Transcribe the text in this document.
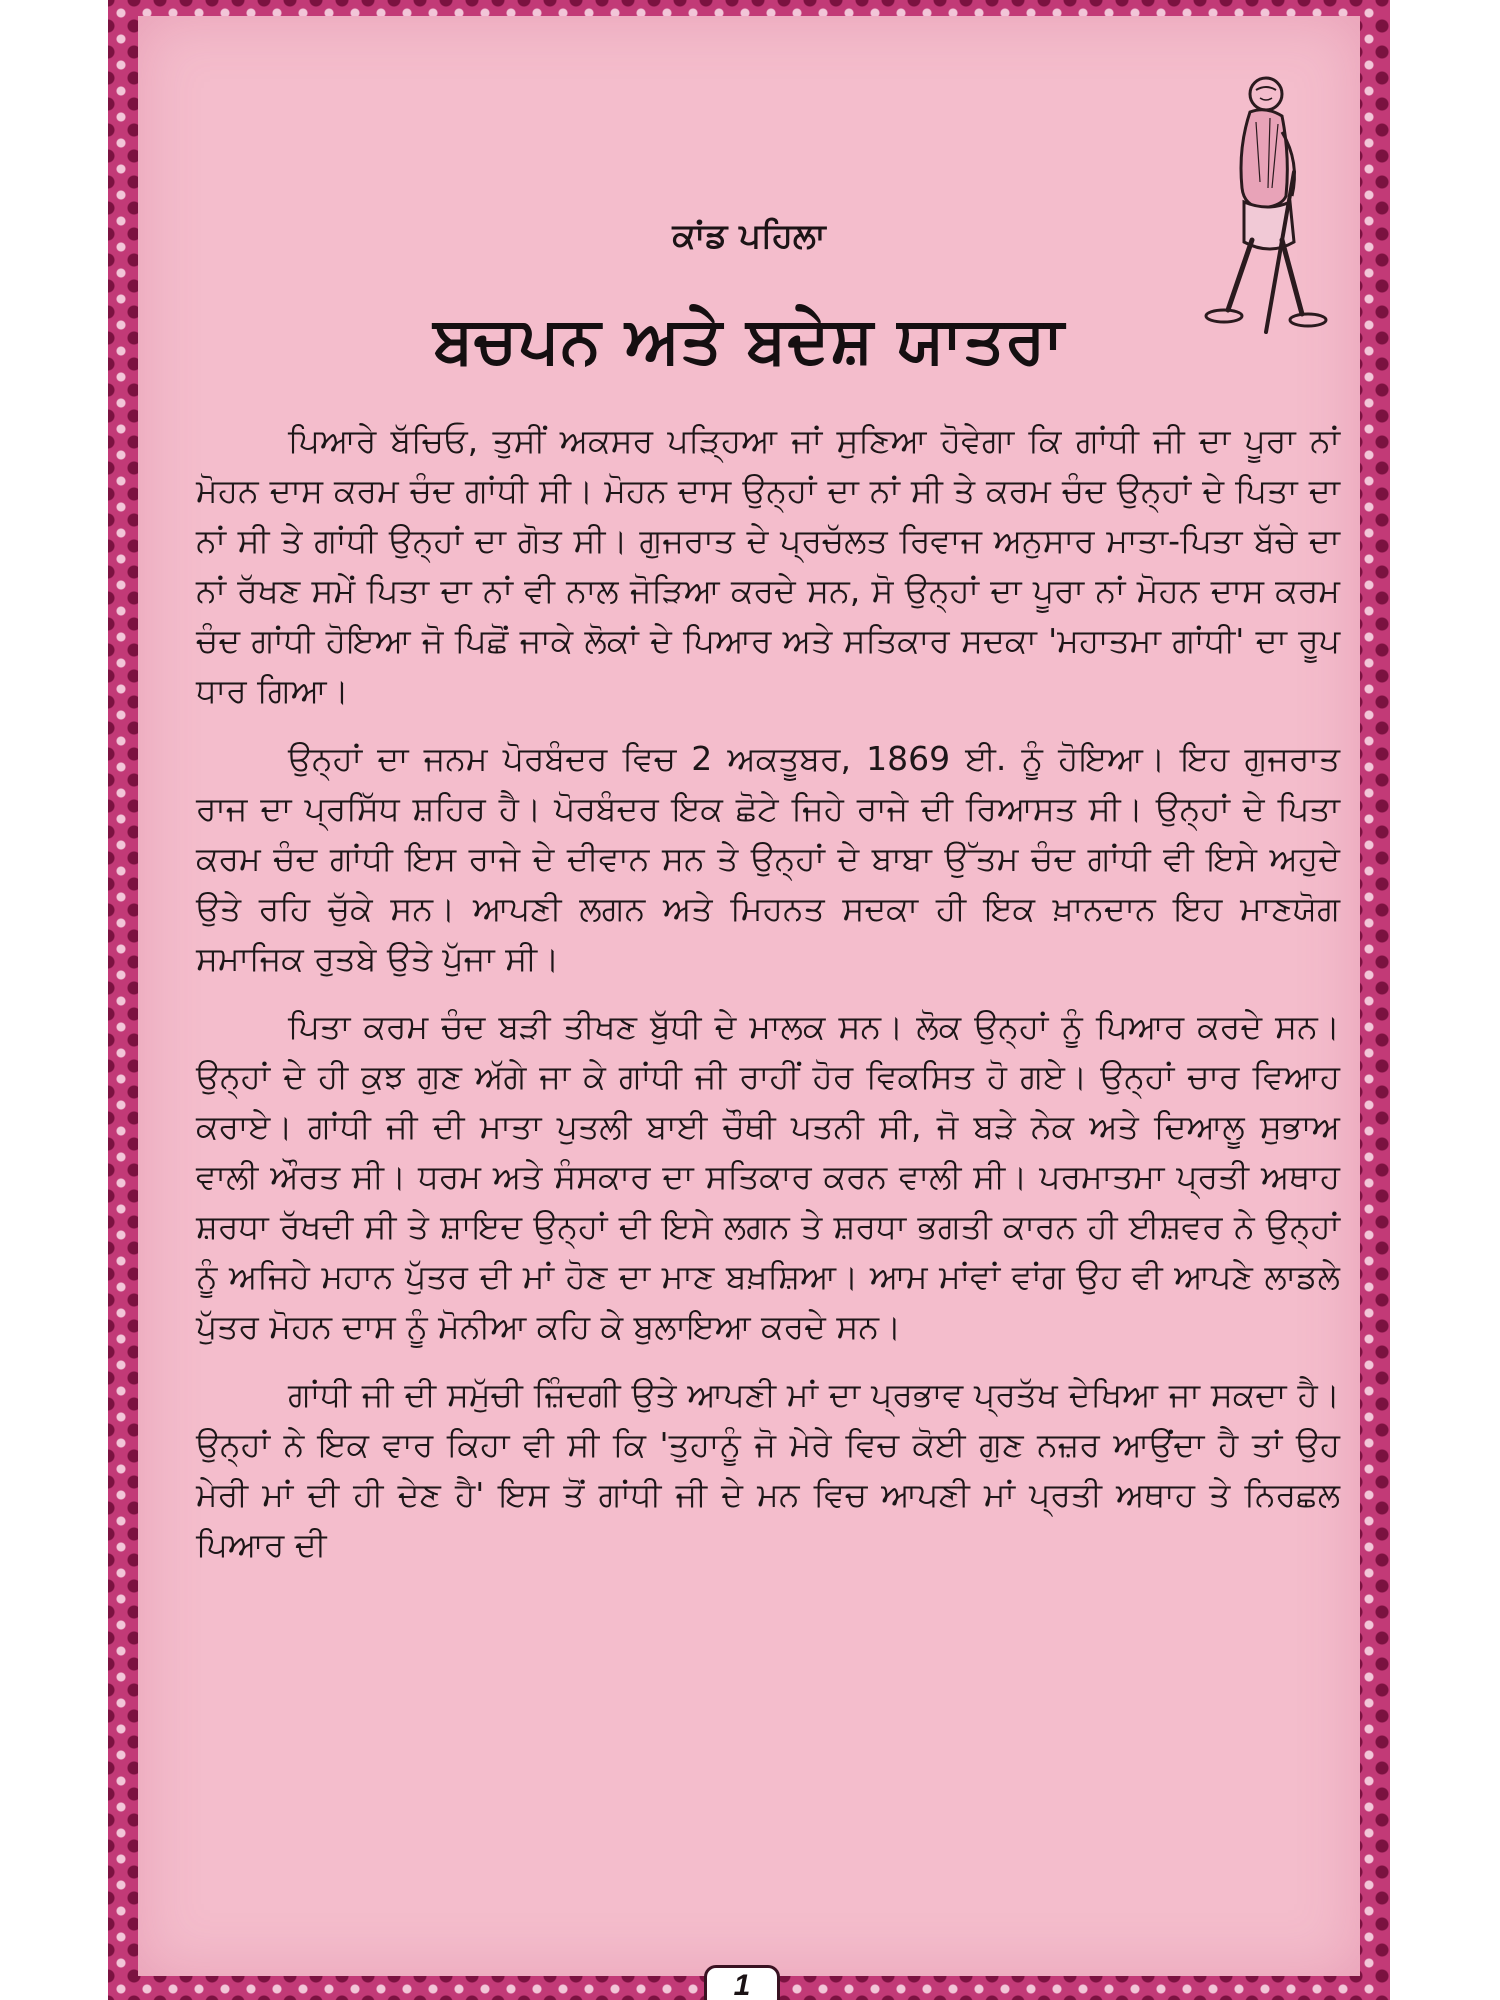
ਕਾਂਡ ਪਹਿਲਾ
ਬਚਪਨ ਅਤੇ ਬਦੇਸ਼ ਯਾਤਰਾ

ਪਿਆਰੇ ਬੱਚਿਓ, ਤੁਸੀਂ ਅਕਸਰ ਪੜ੍ਹਿਆ ਜਾਂ ਸੁਣਿਆ ਹੋਵੇਗਾ ਕਿ ਗਾਂਧੀ ਜੀ ਦਾ ਪੂਰਾ ਨਾਂ ਮੋਹਨ ਦਾਸ ਕਰਮ ਚੰਦ ਗਾਂਧੀ ਸੀ। ਮੋਹਨ ਦਾਸ ਉਨ੍ਹਾਂ ਦਾ ਨਾਂ ਸੀ ਤੇ ਕਰਮ ਚੰਦ ਉਨ੍ਹਾਂ ਦੇ ਪਿਤਾ ਦਾ ਨਾਂ ਸੀ ਤੇ ਗਾਂਧੀ ਉਨ੍ਹਾਂ ਦਾ ਗੋਤ ਸੀ। ਗੁਜਰਾਤ ਦੇ ਪ੍ਰਚੱਲਤ ਰਿਵਾਜ ਅਨੁਸਾਰ ਮਾਤਾ-ਪਿਤਾ ਬੱਚੇ ਦਾ ਨਾਂ ਰੱਖਣ ਸਮੇਂ ਪਿਤਾ ਦਾ ਨਾਂ ਵੀ ਨਾਲ ਜੋੜਿਆ ਕਰਦੇ ਸਨ, ਸੋ ਉਨ੍ਹਾਂ ਦਾ ਪੂਰਾ ਨਾਂ ਮੋਹਨ ਦਾਸ ਕਰਮ ਚੰਦ ਗਾਂਧੀ ਹੋਇਆ ਜੋ ਪਿਛੋਂ ਜਾਕੇ ਲੋਕਾਂ ਦੇ ਪਿਆਰ ਅਤੇ ਸਤਿਕਾਰ ਸਦਕਾ 'ਮਹਾਤਮਾ ਗਾਂਧੀ' ਦਾ ਰੂਪ ਧਾਰ ਗਿਆ।

ਉਨ੍ਹਾਂ ਦਾ ਜਨਮ ਪੋਰਬੰਦਰ ਵਿਚ 2 ਅਕਤੂਬਰ, 1869 ਈ. ਨੂੰ ਹੋਇਆ। ਇਹ ਗੁਜਰਾਤ ਰਾਜ ਦਾ ਪ੍ਰਸਿੱਧ ਸ਼ਹਿਰ ਹੈ। ਪੋਰਬੰਦਰ ਇਕ ਛੋਟੇ ਜਿਹੇ ਰਾਜੇ ਦੀ ਰਿਆਸਤ ਸੀ। ਉਨ੍ਹਾਂ ਦੇ ਪਿਤਾ ਕਰਮ ਚੰਦ ਗਾਂਧੀ ਇਸ ਰਾਜੇ ਦੇ ਦੀਵਾਨ ਸਨ ਤੇ ਉਨ੍ਹਾਂ ਦੇ ਬਾਬਾ ਉੱਤਮ ਚੰਦ ਗਾਂਧੀ ਵੀ ਇਸੇ ਅਹੁਦੇ ਉਤੇ ਰਹਿ ਚੁੱਕੇ ਸਨ। ਆਪਣੀ ਲਗਨ ਅਤੇ ਮਿਹਨਤ ਸਦਕਾ ਹੀ ਇਕ ਖ਼ਾਨਦਾਨ ਇਹ ਮਾਣਯੋਗ ਸਮਾਜਿਕ ਰੁਤਬੇ ਉਤੇ ਪੁੱਜਾ ਸੀ।

ਪਿਤਾ ਕਰਮ ਚੰਦ ਬੜੀ ਤੀਖਣ ਬੁੱਧੀ ਦੇ ਮਾਲਕ ਸਨ। ਲੋਕ ਉਨ੍ਹਾਂ ਨੂੰ ਪਿਆਰ ਕਰਦੇ ਸਨ। ਉਨ੍ਹਾਂ ਦੇ ਹੀ ਕੁਝ ਗੁਣ ਅੱਗੇ ਜਾ ਕੇ ਗਾਂਧੀ ਜੀ ਰਾਹੀਂ ਹੋਰ ਵਿਕਸਿਤ ਹੋ ਗਏ। ਉਨ੍ਹਾਂ ਚਾਰ ਵਿਆਹ ਕਰਾਏ। ਗਾਂਧੀ ਜੀ ਦੀ ਮਾਤਾ ਪੁਤਲੀ ਬਾਈ ਚੌਥੀ ਪਤਨੀ ਸੀ, ਜੋ ਬੜੇ ਨੇਕ ਅਤੇ ਦਿਆਲੂ ਸੁਭਾਅ ਵਾਲੀ ਔਰਤ ਸੀ। ਧਰਮ ਅਤੇ ਸੰਸਕਾਰ ਦਾ ਸਤਿਕਾਰ ਕਰਨ ਵਾਲੀ ਸੀ। ਪਰਮਾਤਮਾ ਪ੍ਰਤੀ ਅਥਾਹ ਸ਼ਰਧਾ ਰੱਖਦੀ ਸੀ ਤੇ ਸ਼ਾਇਦ ਉਨ੍ਹਾਂ ਦੀ ਇਸੇ ਲਗਨ ਤੇ ਸ਼ਰਧਾ ਭਗਤੀ ਕਾਰਨ ਹੀ ਈਸ਼ਵਰ ਨੇ ਉਨ੍ਹਾਂ ਨੂੰ ਅਜਿਹੇ ਮਹਾਨ ਪੁੱਤਰ ਦੀ ਮਾਂ ਹੋਣ ਦਾ ਮਾਣ ਬਖ਼ਸ਼ਿਆ। ਆਮ ਮਾਂਵਾਂ ਵਾਂਗ ਉਹ ਵੀ ਆਪਣੇ ਲਾਡਲੇ ਪੁੱਤਰ ਮੋਹਨ ਦਾਸ ਨੂੰ ਮੋਨੀਆ ਕਹਿ ਕੇ ਬੁਲਾਇਆ ਕਰਦੇ ਸਨ।

ਗਾਂਧੀ ਜੀ ਦੀ ਸਮੁੱਚੀ ਜ਼ਿੰਦਗੀ ਉਤੇ ਆਪਣੀ ਮਾਂ ਦਾ ਪ੍ਰਭਾਵ ਪ੍ਰਤੱਖ ਦੇਖਿਆ ਜਾ ਸਕਦਾ ਹੈ। ਉਨ੍ਹਾਂ ਨੇ ਇਕ ਵਾਰ ਕਿਹਾ ਵੀ ਸੀ ਕਿ 'ਤੁਹਾਨੂੰ ਜੋ ਮੇਰੇ ਵਿਚ ਕੋਈ ਗੁਣ ਨਜ਼ਰ ਆਉਂਦਾ ਹੈ ਤਾਂ ਉਹ ਮੇਰੀ ਮਾਂ ਦੀ ਹੀ ਦੇਣ ਹੈ' ਇਸ ਤੋਂ ਗਾਂਧੀ ਜੀ ਦੇ ਮਨ ਵਿਚ ਆਪਣੀ ਮਾਂ ਪ੍ਰਤੀ ਅਥਾਹ ਤੇ ਨਿਰਛਲ ਪਿਆਰ ਦੀ

1
